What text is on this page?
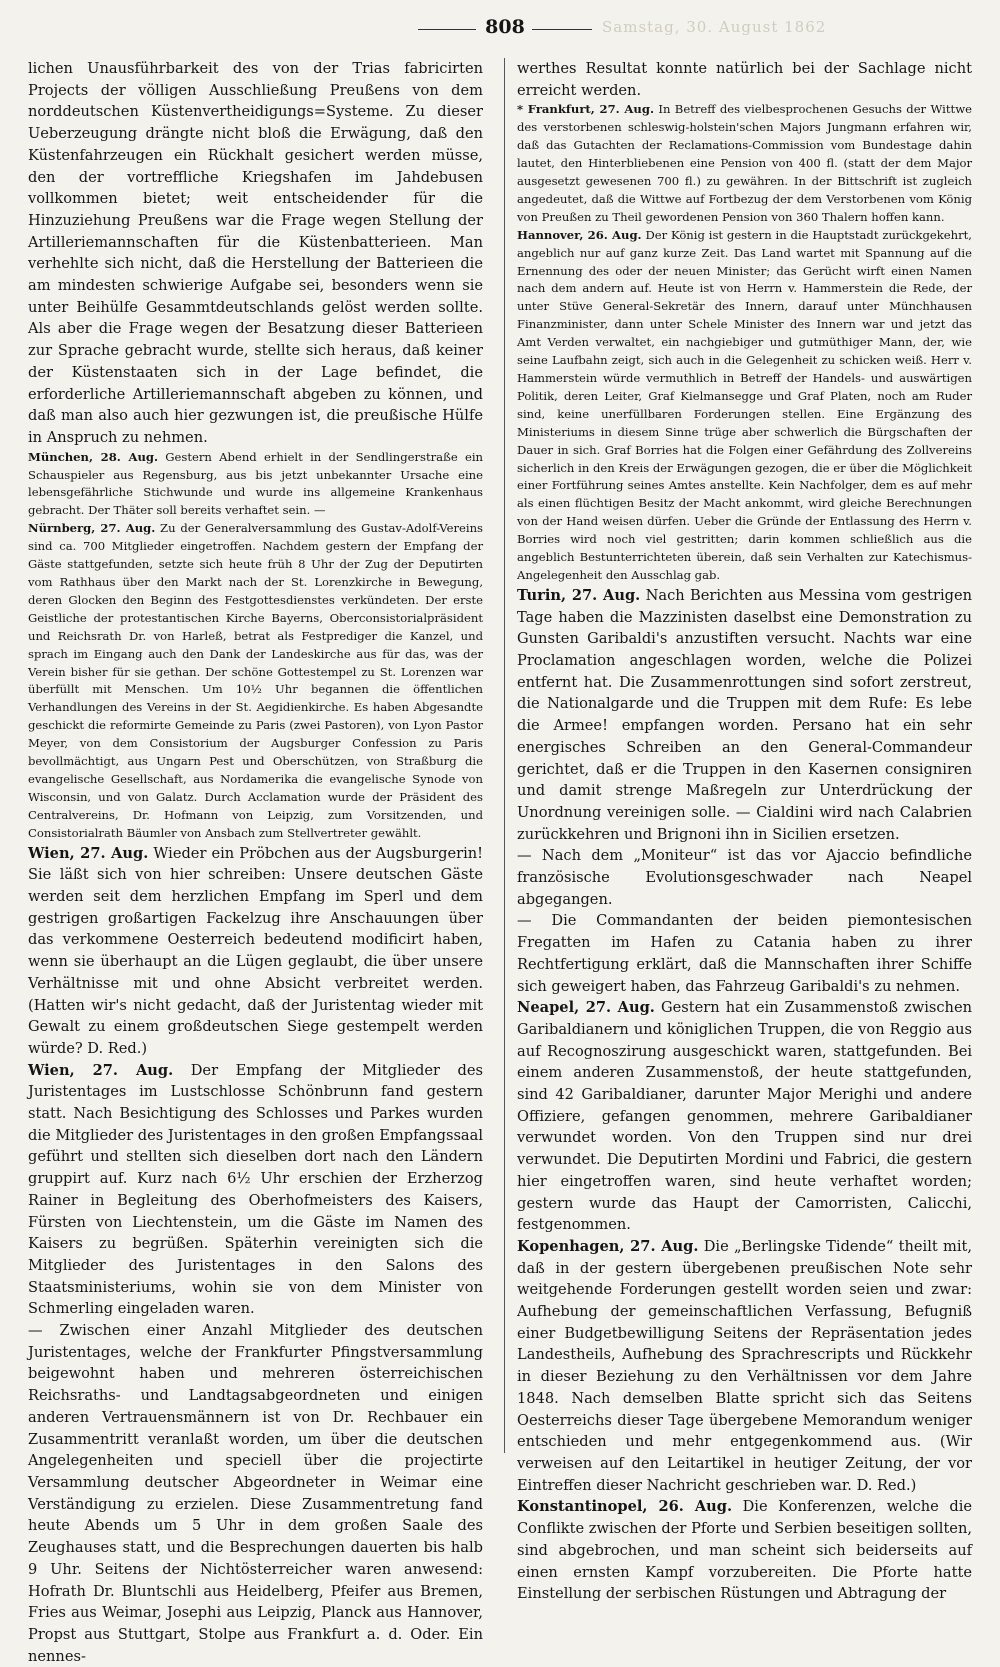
808	Samstag, 30. August 1862

lichen Unausführbarkeit des von der Trias fabricirten Projects der völligen Ausschließung Preußens von dem norddeutschen Küstenvertheidigungs=Systeme. Zu dieser Ueberzeugung drängte nicht bloß die Erwägung, daß den Küstenfahrzeugen ein Rückhalt gesichert werden müsse, den der vortreffliche Kriegshafen im Jahdebusen vollkommen bietet; weit entscheidender für die Hinzuziehung Preußens war die Frage wegen Stellung der Artilleriemannschaften für die Küstenbatterieen. Man verhehlte sich nicht, daß die Herstellung der Batterieen die am mindesten schwierige Aufgabe sei, besonders wenn sie unter Beihülfe Gesammtdeutschlands gelöst werden sollte. Als aber die Frage wegen der Besatzung dieser Batterieen zur Sprache gebracht wurde, stellte sich heraus, daß keiner der Küstenstaaten sich in der Lage befindet, die erforderliche Artilleriemannschaft abgeben zu können, und daß man also auch hier gezwungen ist, die preußische Hülfe in Anspruch zu nehmen.

München, 28. Aug. Gestern Abend erhielt in der Sendlingerstraße ein Schauspieler aus Regensburg, aus bis jetzt unbekannter Ursache eine lebensgefährliche Stichwunde und wurde ins allgemeine Krankenhaus gebracht. Der Thäter soll bereits verhaftet sein. —

Nürnberg, 27. Aug. Zu der Generalversammlung des Gustav-Adolf-Vereins sind ca. 700 Mitglieder eingetroffen. Nachdem gestern der Empfang der Gäste stattgefunden, setzte sich heute früh 8 Uhr der Zug der Deputirten vom Rathhaus über den Markt nach der St. Lorenzkirche in Bewegung, deren Glocken den Beginn des Festgottesdienstes verkündeten. Der erste Geistliche der protestantischen Kirche Bayerns, Oberconsistorialpräsident und Reichsrath Dr. von Harleß, betrat als Festprediger die Kanzel, und sprach im Eingang auch den Dank der Landeskirche aus für das, was der Verein bisher für sie gethan. Der schöne Gottestempel zu St. Lorenzen war überfüllt mit Menschen. Um 10½ Uhr begannen die öffentlichen Verhandlungen des Vereins in der St. Aegidienkirche. Es haben Abgesandte geschickt die reformirte Gemeinde zu Paris (zwei Pastoren), von Lyon Pastor Meyer, von dem Consistorium der Augsburger Confession zu Paris bevollmächtigt, aus Ungarn Pest und Oberschützen, von Straßburg die evangelische Gesellschaft, aus Nordamerika die evangelische Synode von Wisconsin, und von Galatz. Durch Acclamation wurde der Präsident des Centralvereins, Dr. Hofmann von Leipzig, zum Vorsitzenden, und Consistorialrath Bäumler von Ansbach zum Stellvertreter gewählt.

Wien, 27. Aug. Wieder ein Pröbchen aus der Augsburgerin! Sie läßt sich von hier schreiben: Unsere deutschen Gäste werden seit dem herzlichen Empfang im Sperl und dem gestrigen großartigen Fackelzug ihre Anschauungen über das verkommene Oesterreich bedeutend modificirt haben, wenn sie überhaupt an die Lügen geglaubt, die über unsere Verhältnisse mit und ohne Absicht verbreitet werden. (Hatten wir's nicht gedacht, daß der Juristentag wieder mit Gewalt zu einem großdeutschen Siege gestempelt werden würde? D. Red.)

Wien, 27. Aug. Der Empfang der Mitglieder des Juristentages im Lustschlosse Schönbrunn fand gestern statt. Nach Besichtigung des Schlosses und Parkes wurden die Mitglieder des Juristentages in den großen Empfangssaal geführt und stellten sich dieselben dort nach den Ländern gruppirt auf. Kurz nach 6½ Uhr erschien der Erzherzog Rainer in Begleitung des Oberhofmeisters des Kaisers, Fürsten von Liechtenstein, um die Gäste im Namen des Kaisers zu begrüßen. Späterhin vereinigten sich die Mitglieder des Juristentages in den Salons des Staatsministeriums, wohin sie von dem Minister von Schmerling eingeladen waren.

— Zwischen einer Anzahl Mitglieder des deutschen Juristentages, welche der Frankfurter Pfingstversammlung beigewohnt haben und mehreren österreichischen Reichsraths- und Landtagsabgeordneten und einigen anderen Vertrauensmännern ist von Dr. Rechbauer ein Zusammentritt veranlaßt worden, um über die deutschen Angelegenheiten und speciell über die projectirte Versammlung deutscher Abgeordneter in Weimar eine Verständigung zu erzielen. Diese Zusammentretung fand heute Abends um 5 Uhr in dem großen Saale des Zeughauses statt, und die Besprechungen dauerten bis halb 9 Uhr. Seitens der Nichtösterreicher waren anwesend: Hofrath Dr. Bluntschli aus Heidelberg, Pfeifer aus Bremen, Fries aus Weimar, Josephi aus Leipzig, Planck aus Hannover, Propst aus Stuttgart, Stolpe aus Frankfurt a. d. Oder. Ein nennes-

werthes Resultat konnte natürlich bei der Sachlage nicht erreicht werden.

* Frankfurt, 27. Aug. In Betreff des vielbesprochenen Gesuchs der Wittwe des verstorbenen schleswig-holstein'schen Majors Jungmann erfahren wir, daß das Gutachten der Reclamations-Commission vom Bundestage dahin lautet, den Hinterbliebenen eine Pension von 400 fl. (statt der dem Major ausgesetzt gewesenen 700 fl.) zu gewähren. In der Bittschrift ist zugleich angedeutet, daß die Wittwe auf Fortbezug der dem Verstorbenen vom König von Preußen zu Theil gewordenen Pension von 360 Thalern hoffen kann.

Hannover, 26. Aug. Der König ist gestern in die Hauptstadt zurückgekehrt, angeblich nur auf ganz kurze Zeit. Das Land wartet mit Spannung auf die Ernennung des oder der neuen Minister; das Gerücht wirft einen Namen nach dem andern auf. Heute ist von Herrn v. Hammerstein die Rede, der unter Stüve General-Sekretär des Innern, darauf unter Münchhausen Finanzminister, dann unter Schele Minister des Innern war und jetzt das Amt Verden verwaltet, ein nachgiebiger und gutmüthiger Mann, der, wie seine Laufbahn zeigt, sich auch in die Gelegenheit zu schicken weiß. Herr v. Hammerstein würde vermuthlich in Betreff der Handels- und auswärtigen Politik, deren Leiter, Graf Kielmansegge und Graf Platen, noch am Ruder sind, keine unerfüllbaren Forderungen stellen. Eine Ergänzung des Ministeriums in diesem Sinne trüge aber schwerlich die Bürgschaften der Dauer in sich. Graf Borries hat die Folgen einer Gefährdung des Zollvereins sicherlich in den Kreis der Erwägungen gezogen, die er über die Möglichkeit einer Fortführung seines Amtes anstellte. Kein Nachfolger, dem es auf mehr als einen flüchtigen Besitz der Macht ankommt, wird gleiche Berechnungen von der Hand weisen dürfen. Ueber die Gründe der Entlassung des Herrn v. Borries wird noch viel gestritten; darin kommen schließlich aus die angeblich Bestunterrichteten überein, daß sein Verhalten zur Katechismus-Angelegenheit den Ausschlag gab.

Turin, 27. Aug. Nach Berichten aus Messina vom gestrigen Tage haben die Mazzinisten daselbst eine Demonstration zu Gunsten Garibaldi's anzustiften versucht. Nachts war eine Proclamation angeschlagen worden, welche die Polizei entfernt hat. Die Zusammenrottungen sind sofort zerstreut, die Nationalgarde und die Truppen mit dem Rufe: Es lebe die Armee! empfangen worden. Persano hat ein sehr energisches Schreiben an den General-Commandeur gerichtet, daß er die Truppen in den Kasernen consigniren und damit strenge Maßregeln zur Unterdrückung der Unordnung vereinigen solle. — Cialdini wird nach Calabrien zurückkehren und Brignoni ihn in Sicilien ersetzen.

— Nach dem „Moniteur“ ist das vor Ajaccio befindliche französische Evolutionsgeschwader nach Neapel abgegangen.

— Die Commandanten der beiden piemontesischen Fregatten im Hafen zu Catania haben zu ihrer Rechtfertigung erklärt, daß die Mannschaften ihrer Schiffe sich geweigert haben, das Fahrzeug Garibaldi's zu nehmen.

Neapel, 27. Aug. Gestern hat ein Zusammenstoß zwischen Garibaldianern und königlichen Truppen, die von Reggio aus auf Recognoszirung ausgeschickt waren, stattgefunden. Bei einem anderen Zusammenstoß, der heute stattgefunden, sind 42 Garibaldianer, darunter Major Merighi und andere Offiziere, gefangen genommen, mehrere Garibaldianer verwundet worden. Von den Truppen sind nur drei verwundet. Die Deputirten Mordini und Fabrici, die gestern hier eingetroffen waren, sind heute verhaftet worden; gestern wurde das Haupt der Camorristen, Calicchi, festgenommen.

Kopenhagen, 27. Aug. Die „Berlingske Tidende“ theilt mit, daß in der gestern übergebenen preußischen Note sehr weitgehende Forderungen gestellt worden seien und zwar: Aufhebung der gemeinschaftlichen Verfassung, Befugniß einer Budgetbewilligung Seitens der Repräsentation jedes Landestheils, Aufhebung des Sprachrescripts und Rückkehr in dieser Beziehung zu den Verhältnissen vor dem Jahre 1848. Nach demselben Blatte spricht sich das Seitens Oesterreichs dieser Tage übergebene Memorandum weniger entschieden und mehr entgegenkommend aus. (Wir verweisen auf den Leitartikel in heutiger Zeitung, der vor Eintreffen dieser Nachricht geschrieben war. D. Red.)

Konstantinopel, 26. Aug. Die Konferenzen, welche die Conflikte zwischen der Pforte und Serbien beseitigen sollten, sind abgebrochen, und man scheint sich beiderseits auf einen ernsten Kampf vorzubereiten. Die Pforte hatte Einstellung der serbischen Rüstungen und Abtragung der
